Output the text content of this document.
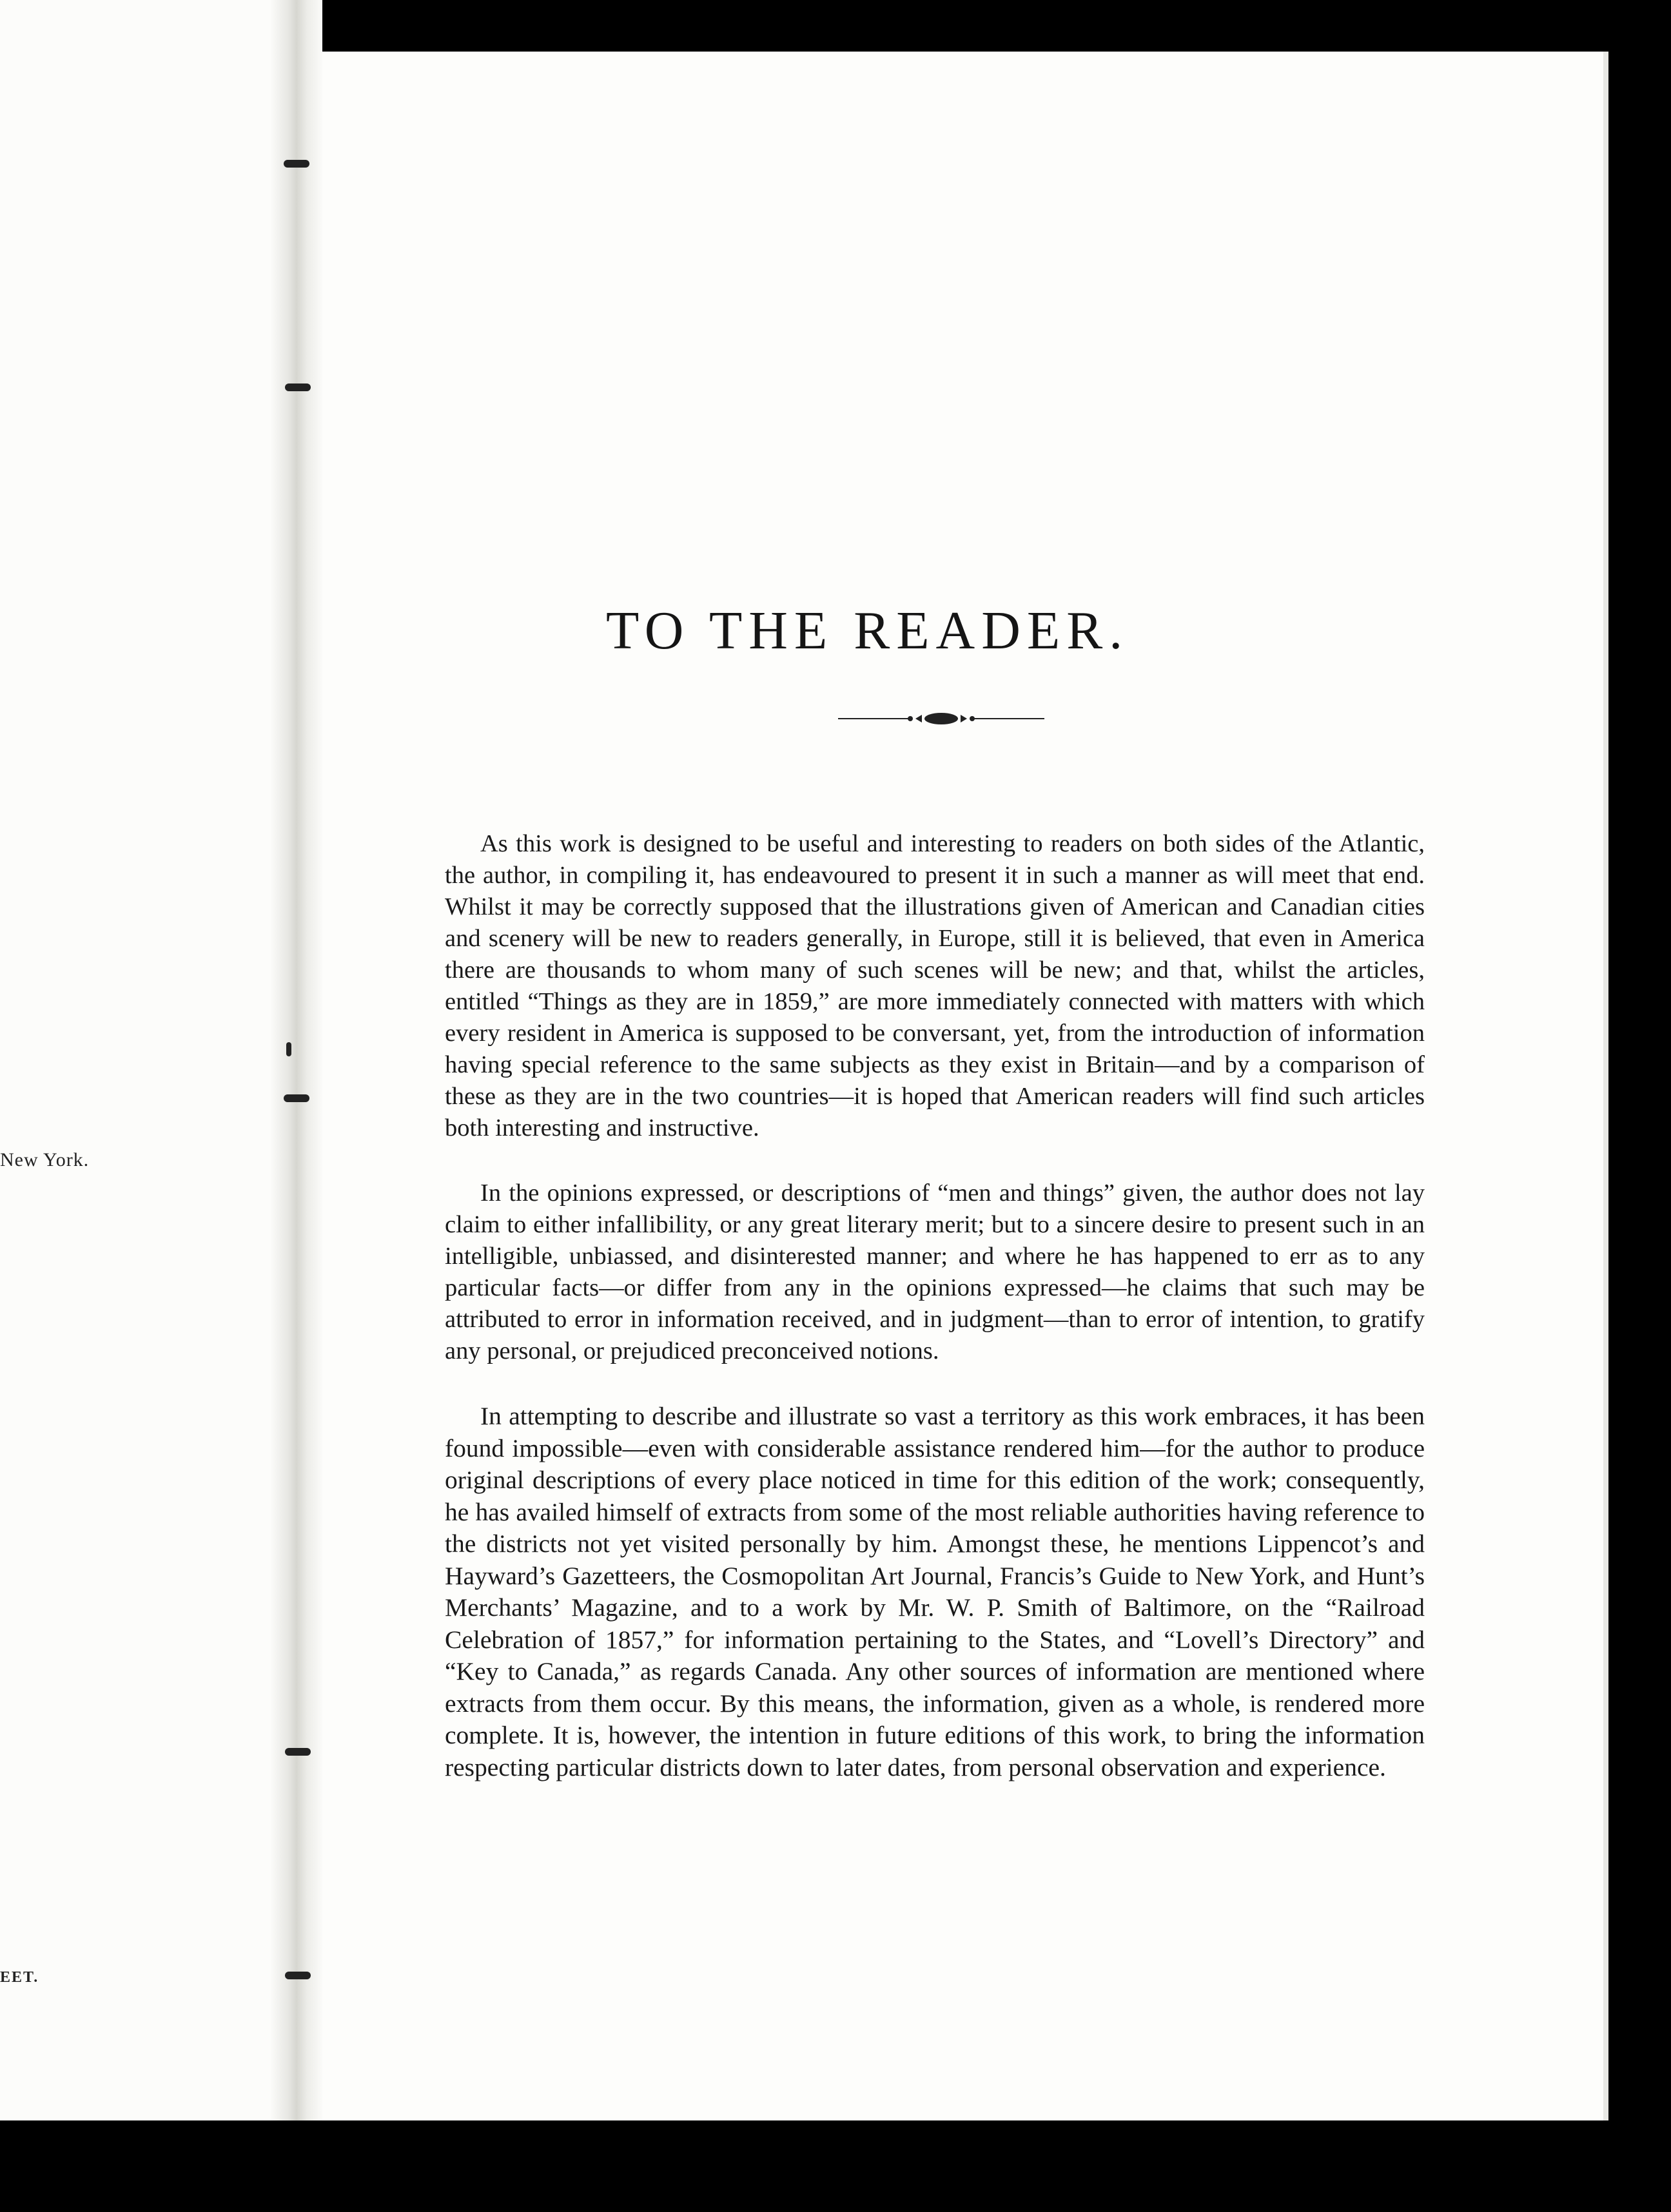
New York.
EET.
TO THE READER.

As this work is designed to be useful and interesting to readers on both sides of the Atlantic, the author, in compiling it, has endeavoured to present it in such a manner as will meet that end. Whilst it may be correctly supposed that the illustrations given of American and Canadian cities and scenery will be new to readers generally, in Europe, still it is believed, that even in America there are thousands to whom many of such scenes will be new; and that, whilst the articles, entitled “Things as they are in 1859,” are more immediately connected with matters with which every resident in America is supposed to be conversant, yet, from the introduction of information having special reference to the same subjects as they exist in Britain—and by a comparison of these as they are in the two countries—it is hoped that American readers will find such articles both interesting and instructive.

In the opinions expressed, or descriptions of “men and things” given, the author does not lay claim to either infallibility, or any great literary merit; but to a sincere desire to present such in an intelligible, unbiassed, and disinterested manner; and where he has happened to err as to any particular facts—or differ from any in the opinions expressed—he claims that such may be attributed to error in information received, and in judgment—than to error of intention, to gratify any personal, or prejudiced preconceived notions.

In attempting to describe and illustrate so vast a territory as this work embraces, it has been found impossible—even with considerable assistance rendered him—for the author to produce original descriptions of every place noticed in time for this edition of the work; consequently, he has availed himself of extracts from some of the most reliable authorities having reference to the districts not yet visited personally by him. Amongst these, he mentions Lippencot’s and Hayward’s Gazetteers, the Cosmopolitan Art Journal, Francis’s Guide to New York, and Hunt’s Merchants’ Magazine, and to a work by Mr. W. P. Smith of Baltimore, on the “Railroad Celebration of 1857,” for information pertaining to the States, and “Lovell’s Directory” and “Key to Canada,” as regards Canada. Any other sources of information are mentioned where extracts from them occur. By this means, the information, given as a whole, is rendered more complete. It is, however, the intention in future editions of this work, to bring the information respecting particular districts down to later dates, from personal observation and experience.
